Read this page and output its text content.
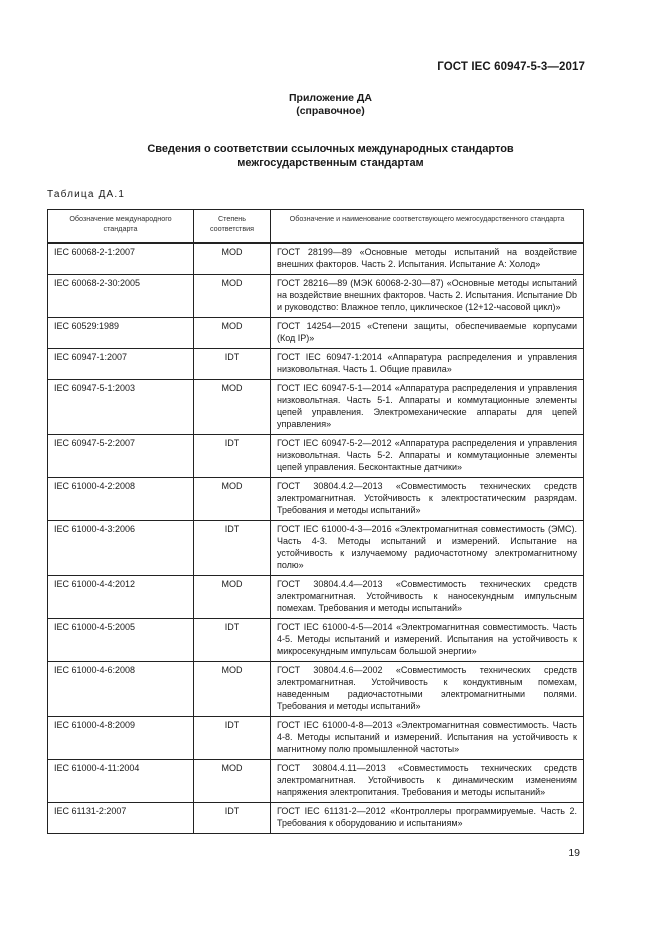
ГОСТ IEC 60947-5-3—2017
Приложение ДА
(справочное)
Сведения о соответствии ссылочных международных стандартов
межгосударственным стандартам
Таблица ДА.1
Обозначение международного стандарта	Степень соответствия	Обозначение и наименование соответствующего межгосударственного стандарта
IEC 60068-2-1:2007	MOD	ГОСТ 28199—89 «Основные методы испытаний на воздействие внешних факторов. Часть 2. Испытания. Испытание А: Холод»
IEC 60068-2-30:2005	MOD	ГОСТ 28216—89 (МЭК 60068-2-30—87) «Основные методы испытаний на воздействие внешних факторов. Часть 2. Испытания. Испытание Db и руководство: Влажное тепло, циклическое (12+12-часовой цикл)»
IEC 60529:1989	MOD	ГОСТ 14254—2015 «Степени защиты, обеспечиваемые корпусами (Код IP)»
IEC 60947-1:2007	IDT	ГОСТ IEC 60947-1:2014 «Аппаратура распределения и управления низковольтная. Часть 1. Общие правила»
IEC 60947-5-1:2003	MOD	ГОСТ IEC 60947-5-1—2014 «Аппаратура распределения и управления низковольтная. Часть 5-1. Аппараты и коммутационные элементы цепей управления. Электромеханические аппараты для цепей управления»
IEC 60947-5-2:2007	IDT	ГОСТ IEC 60947-5-2—2012 «Аппаратура распределения и управления низковольтная. Часть 5-2. Аппараты и коммутационные элементы цепей управления. Бесконтактные датчики»
IEC 61000-4-2:2008	MOD	ГОСТ 30804.4.2—2013 «Совместимость технических средств электромагнитная. Устойчивость к электростатическим разрядам. Требования и методы испытаний»
IEC 61000-4-3:2006	IDT	ГОСТ IEC 61000-4-3—2016 «Электромагнитная совместимость (ЭМС). Часть 4-3. Методы испытаний и измерений. Испытание на устойчивость к излучаемому радиочастотному электромагнитному полю»
IEC 61000-4-4:2012	MOD	ГОСТ 30804.4.4—2013 «Совместимость технических средств электромагнитная. Устойчивость к наносекундным импульсным помехам. Требования и методы испытаний»
IEC 61000-4-5:2005	IDT	ГОСТ IEC 61000-4-5—2014 «Электромагнитная совместимость. Часть 4-5. Методы испытаний и измерений. Испытания на устойчивость к микросекундным импульсам большой энергии»
IEC 61000-4-6:2008	MOD	ГОСТ 30804.4.6—2002 «Совместимость технических средств электромагнитная. Устойчивость к кондуктивным помехам, наведенным радиочастотными электромагнитными полями. Требования и методы испытаний»
IEC 61000-4-8:2009	IDT	ГОСТ IEC 61000-4-8—2013 «Электромагнитная совместимость. Часть 4-8. Методы испытаний и измерений. Испытания на устойчивость к магнитному полю промышленной частоты»
IEC 61000-4-11:2004	MOD	ГОСТ 30804.4.11—2013 «Совместимость технических средств электромагнитная. Устойчивость к динамическим изменениям напряжения электропитания. Требования и методы испытаний»
IEC 61131-2:2007	IDT	ГОСТ IEC 61131-2—2012 «Контроллеры программируемые. Часть 2. Требования к оборудованию и испытаниям»
19
